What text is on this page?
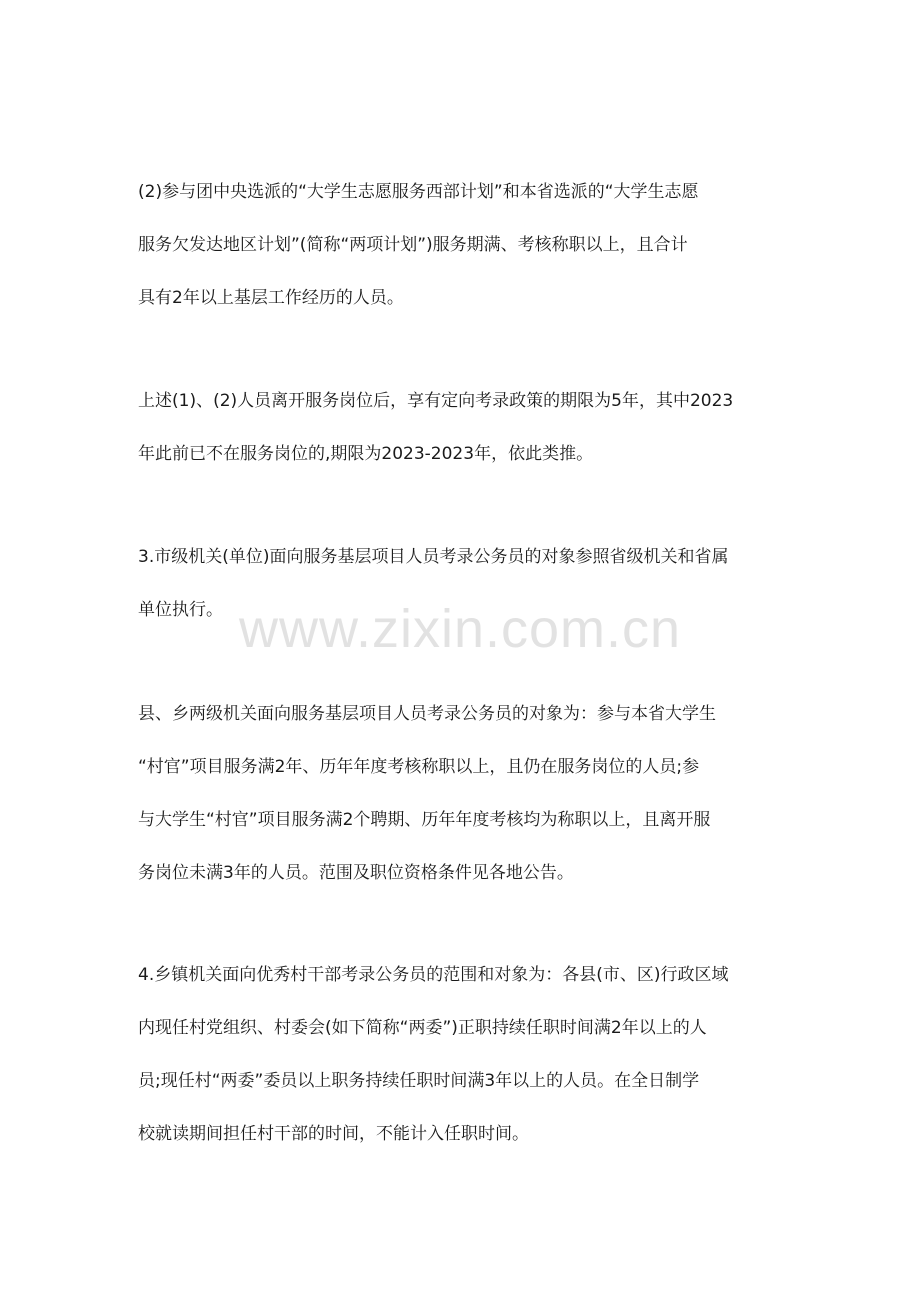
(2)参与团中央选派的“大学生志愿服务西部计划”和本省选派的“大学生志愿
服务欠发达地区计划”(简称“两项计划”)服务期满、考核称职以上，且合计
具有2年以上基层工作经历的人员。

上述(1)、(2)人员离开服务岗位后，享有定向考录政策的期限为5年，其中2023
年此前已不在服务岗位的,期限为2023-2023年，依此类推。

3.市级机关(单位)面向服务基层项目人员考录公务员的对象参照省级机关和省属
单位执行。

县、乡两级机关面向服务基层项目人员考录公务员的对象为：参与本省大学生
“村官”项目服务满2年、历年年度考核称职以上，且仍在服务岗位的人员;参
与大学生“村官”项目服务满2个聘期、历年年度考核均为称职以上，且离开服
务岗位未满3年的人员。范围及职位资格条件见各地公告。

4.乡镇机关面向优秀村干部考录公务员的范围和对象为：各县(市、区)行政区域
内现任村党组织、村委会(如下简称“两委”)正职持续任职时间满2年以上的人
员;现任村“两委”委员以上职务持续任职时间满3年以上的人员。在全日制学
校就读期间担任村干部的时间，不能计入任职时间。

www.zixin.com.cn
